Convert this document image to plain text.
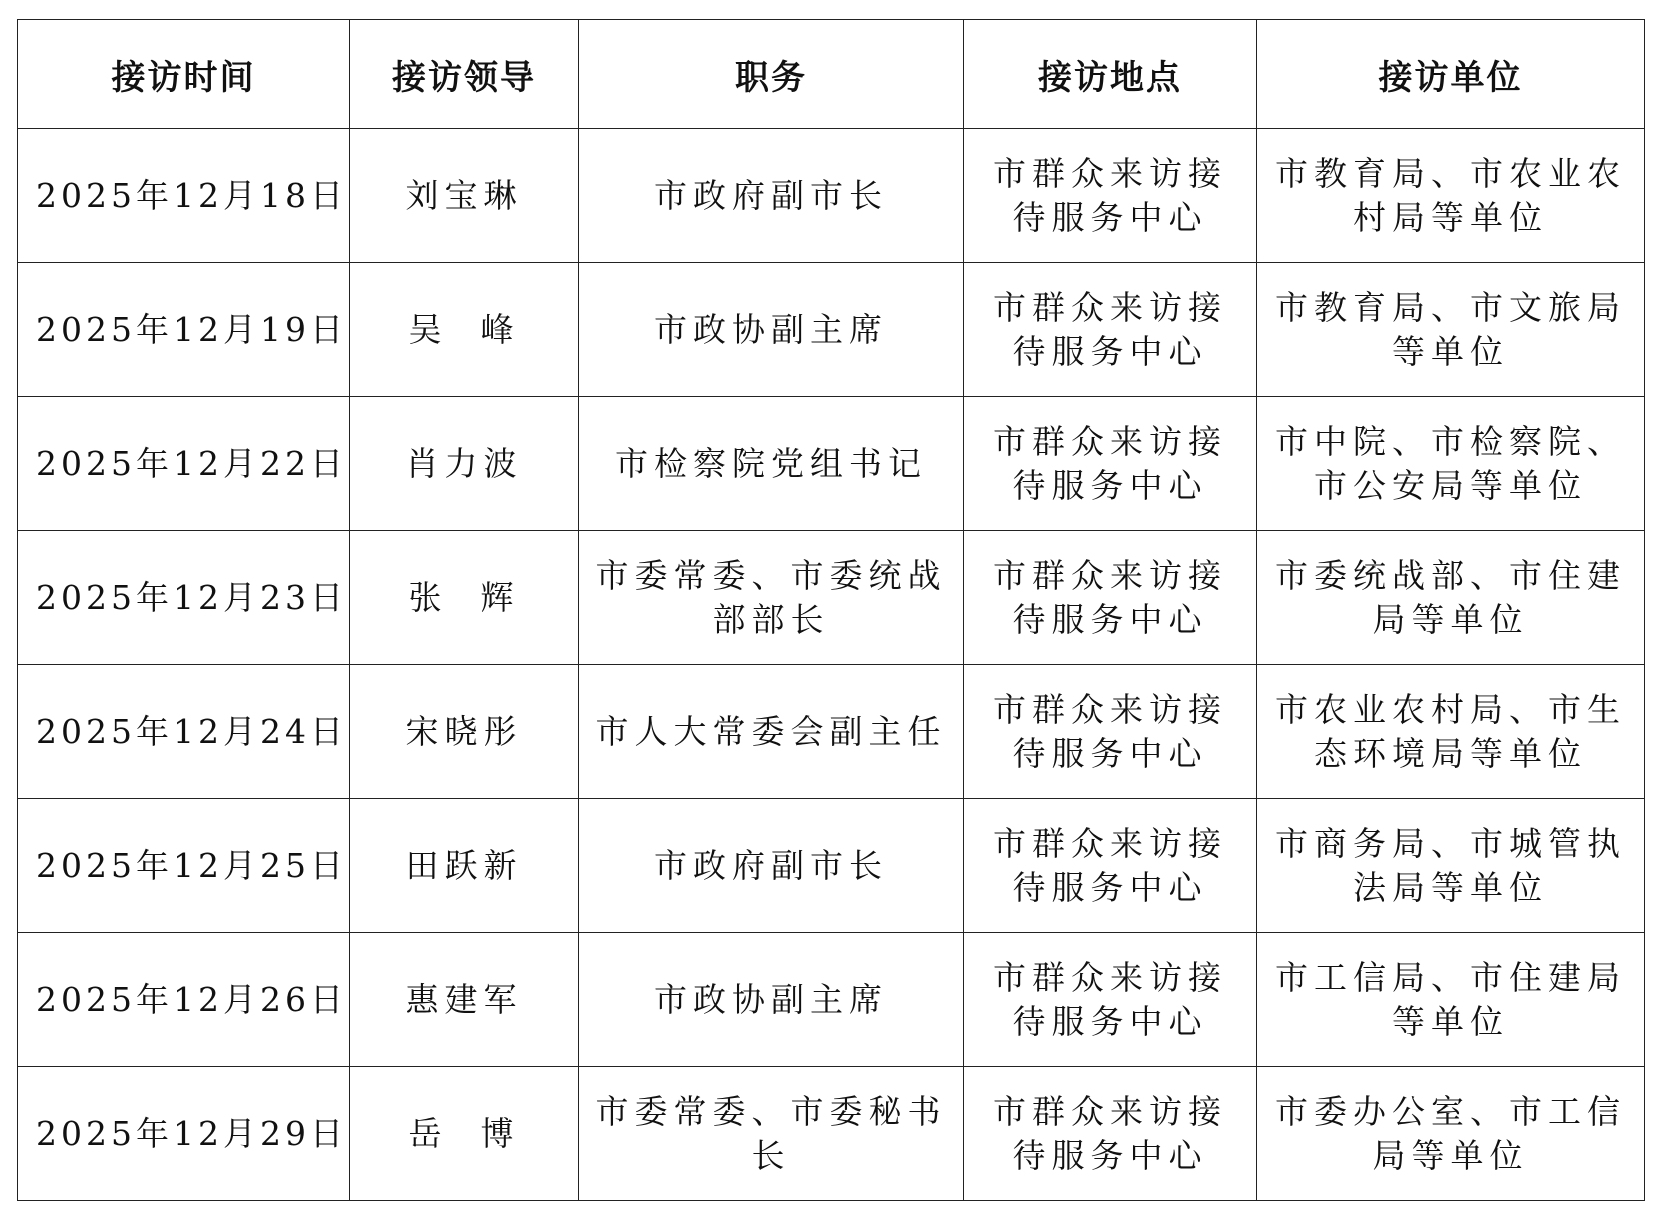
接访时间	接访领导	职务	接访地点	接访单位
2025年12月18日	刘宝琳	市政府副市长	市群众来访接待服务中心	市教育局、市农业农村局等单位
2025年12月19日	吴  峰	市政协副主席	市群众来访接待服务中心	市教育局、市文旅局等单位
2025年12月22日	肖力波	市检察院党组书记	市群众来访接待服务中心	市中院、市检察院、市公安局等单位
2025年12月23日	张  辉	市委常委、市委统战部部长	市群众来访接待服务中心	市委统战部、市住建局等单位
2025年12月24日	宋晓彤	市人大常委会副主任	市群众来访接待服务中心	市农业农村局、市生态环境局等单位
2025年12月25日	田跃新	市政府副市长	市群众来访接待服务中心	市商务局、市城管执法局等单位
2025年12月26日	惠建军	市政协副主席	市群众来访接待服务中心	市工信局、市住建局等单位
2025年12月29日	岳  博	市委常委、市委秘书长	市群众来访接待服务中心	市委办公室、市工信局等单位
